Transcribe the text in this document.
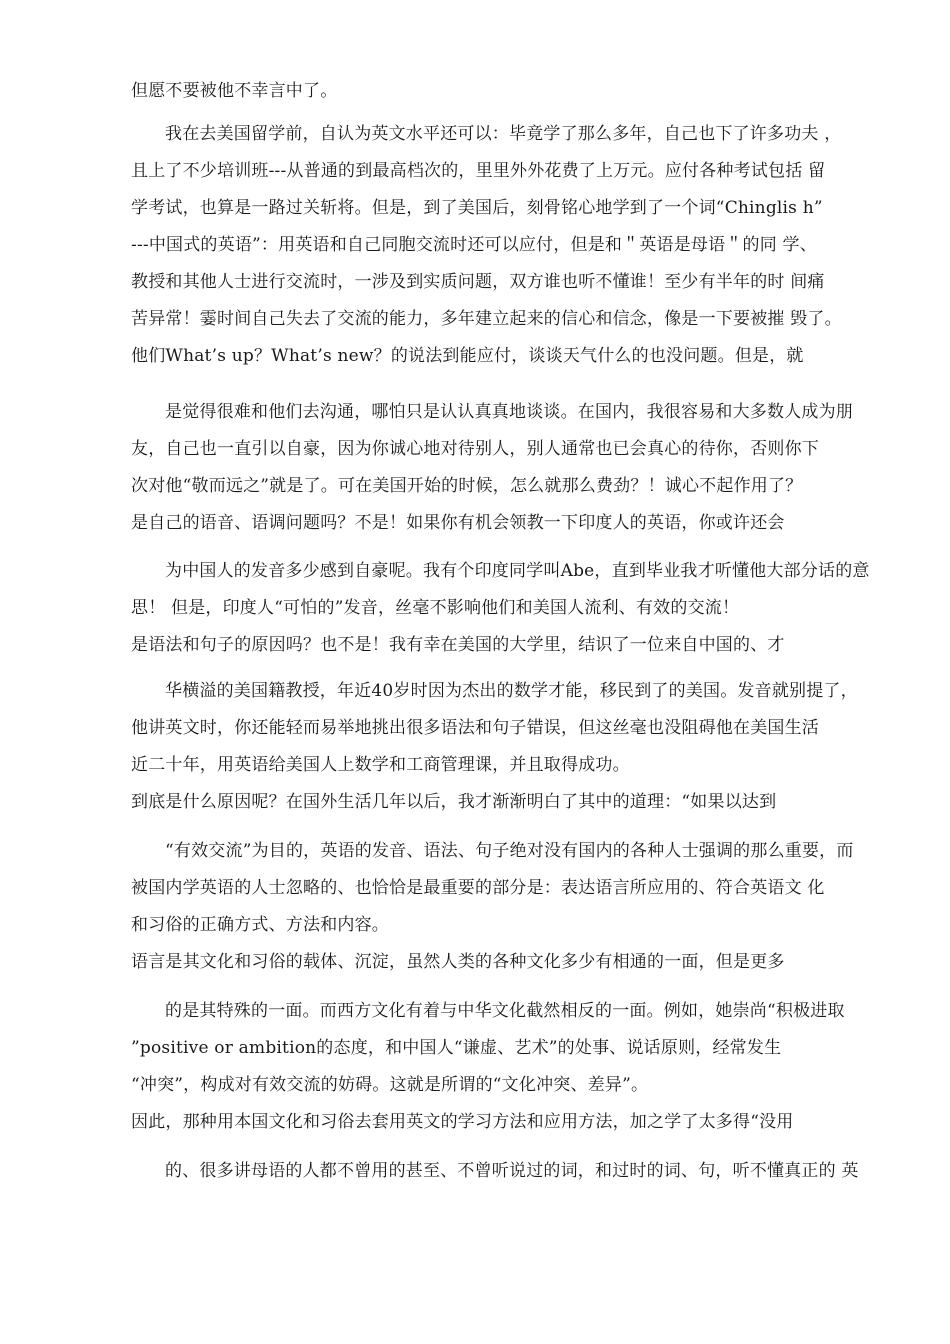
但愿不要被他不幸言中了。
我在去美国留学前，自认为英文水平还可以：毕竟学了那么多年，自己也下了许多功夫 ，
且上了不少培训班---从普通的到最高档次的，里里外外花费了上万元。应付各种考试包括 留
学考试，也算是一路过关斩将。但是，到了美国后，刻骨铭心地学到了一个词“Chinglis h”
---中国式的英语”：用英语和自己同胞交流时还可以应付，但是和＂英语是母语＂的同 学、
教授和其他人士进行交流时，一涉及到实质问题，双方谁也听不懂谁！至少有半年的时 间痛
苦异常！霎时间自己失去了交流的能力，多年建立起来的信心和信念，像是一下要被摧 毁了。
他们What’s up？What’s new？的说法到能应付，谈谈天气什么的也没问题。但是，就
是觉得很难和他们去沟通，哪怕只是认认真真地谈谈。在国内，我很容易和大多数人成为朋
友，自己也一直引以自豪，因为你诚心地对待别人，别人通常也已会真心的待你，否则你下
次对他“敬而远之”就是了。可在美国开始的时候，怎么就那么费劲？！诚心不起作用了？
是自己的语音、语调问题吗？不是！如果你有机会领教一下印度人的英语，你或许还会
为中国人的发音多少感到自豪呢。我有个印度同学叫Abe，直到毕业我才听懂他大部分话的意
思！ 但是，印度人“可怕的”发音，丝毫不影响他们和美国人流利、有效的交流！
是语法和句子的原因吗？也不是！我有幸在美国的大学里，结识了一位来自中国的、才
华横溢的美国籍教授，年近40岁时因为杰出的数学才能，移民到了的美国。发音就别提了，
他讲英文时，你还能轻而易举地挑出很多语法和句子错误，但这丝毫也没阻碍他在美国生活
近二十年，用英语给美国人上数学和工商管理课，并且取得成功。
到底是什么原因呢？在国外生活几年以后，我才渐渐明白了其中的道理：“如果以达到
“有效交流”为目的，英语的发音、语法、句子绝对没有国内的各种人士强调的那么重要，而
被国内学英语的人士忽略的、也恰恰是最重要的部分是：表达语言所应用的、符合英语文 化
和习俗的正确方式、方法和内容。
语言是其文化和习俗的载体、沉淀，虽然人类的各种文化多少有相通的一面，但是更多
的是其特殊的一面。而西方文化有着与中华文化截然相反的一面。例如，她崇尚“积极进取
”positive or ambition的态度，和中国人“谦虚、艺术”的处事、说话原则，经常发生
“冲突”，构成对有效交流的妨碍。这就是所谓的“文化冲突、差异”。
因此，那种用本国文化和习俗去套用英文的学习方法和应用方法，加之学了太多得“没用
的、很多讲母语的人都不曾用的甚至、不曾听说过的词，和过时的词、句，听不懂真正的 英
